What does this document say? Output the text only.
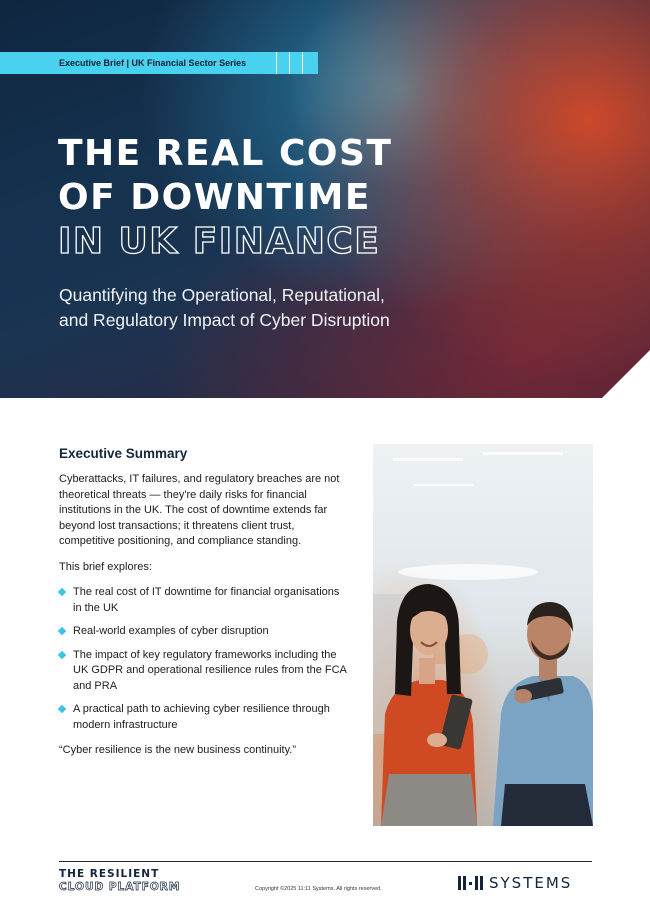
Executive Brief | UK Financial Sector Series
THE REAL COST
OF DOWNTIME
IN UK FINANCE

Quantifying the Operational, Reputational,
and Regulatory Impact of Cyber Disruption

Executive Summary

Cyberattacks, IT failures, and regulatory breaches are not theoretical threats — they're daily risks for financial institutions in the UK. The cost of downtime extends far beyond lost transactions; it threatens client trust, competitive positioning, and compliance standing.

This brief explores:

The real cost of IT downtime for financial organisations in the UK
Real-world examples of cyber disruption
The impact of key regulatory frameworks including the UK GDPR and operational resilience rules from the FCA and PRA
A practical path to achieving cyber resilience through modern infrastructure

“Cyber resilience is the new business continuity.”

THE RESILIENT
CLOUD PLATFORM	Copyright ©2025 11:11 Systems. All rights reserved.	SYSTEMS
